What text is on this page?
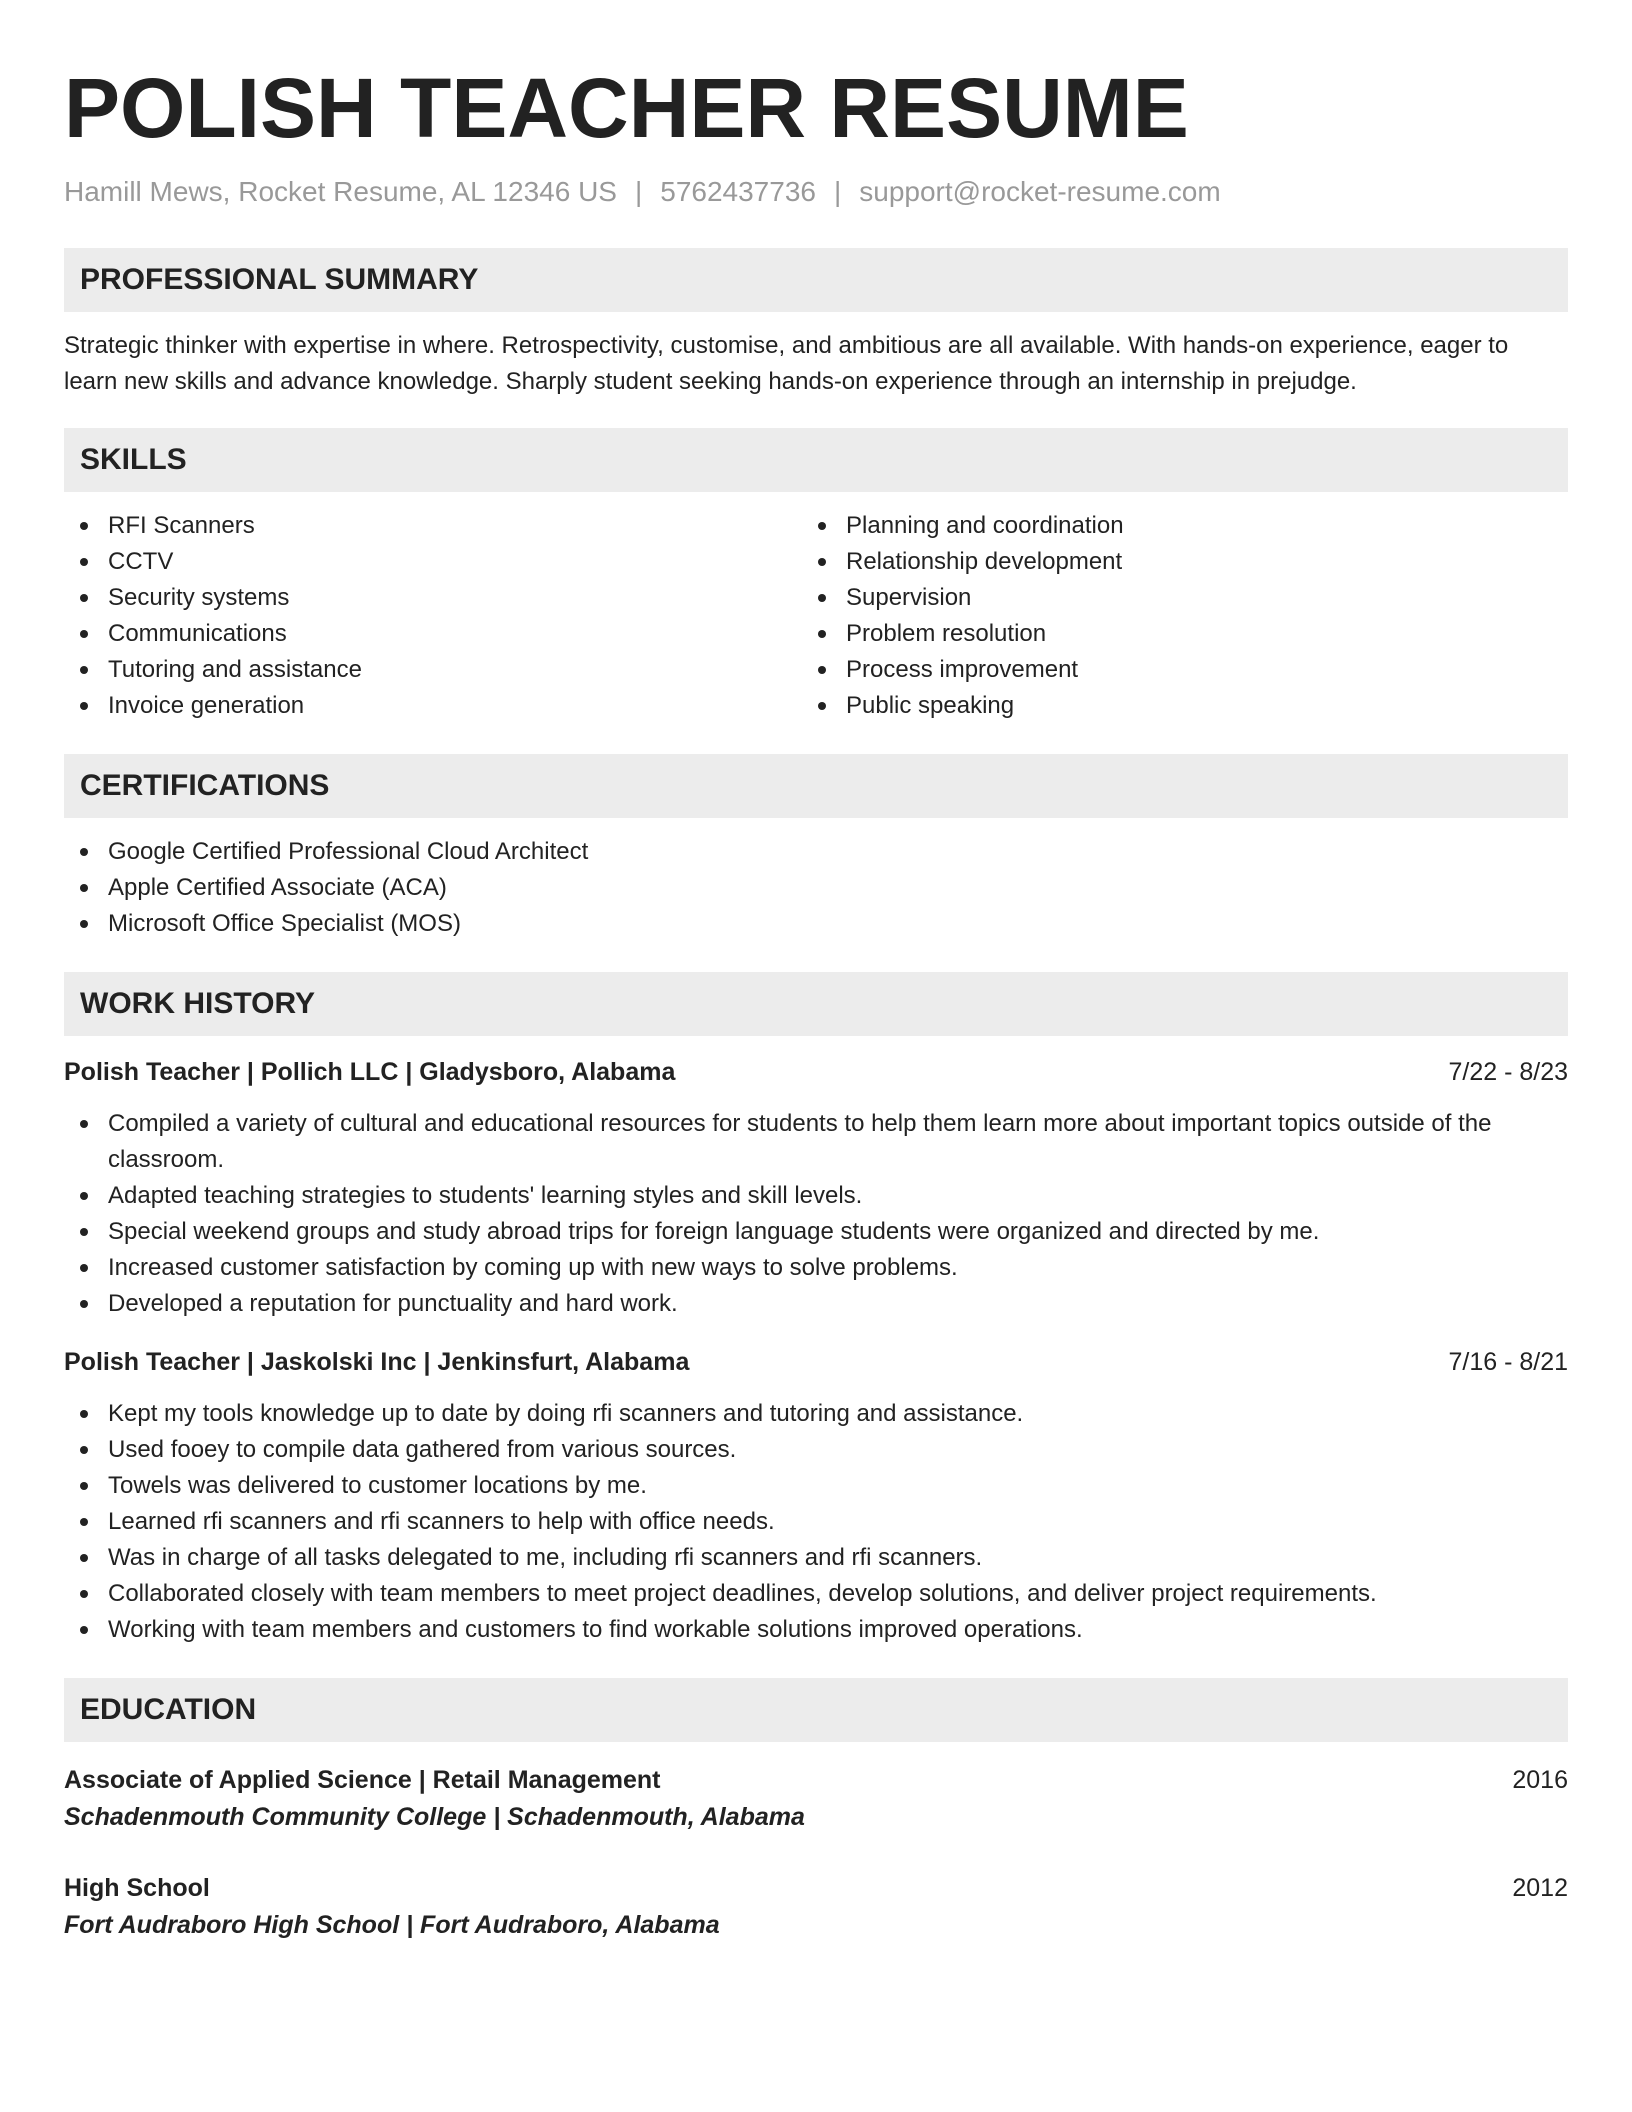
POLISH TEACHER RESUME
Hamill Mews, Rocket Resume, AL 12346 US | 5762437736 | support@rocket-resume.com
PROFESSIONAL SUMMARY
Strategic thinker with expertise in where. Retrospectivity, customise, and ambitious are all available. With hands-on experience, eager to learn new skills and advance knowledge. Sharply student seeking hands-on experience through an internship in prejudge.
SKILLS
RFI Scanners
CCTV
Security systems
Communications
Tutoring and assistance
Invoice generation
Planning and coordination
Relationship development
Supervision
Problem resolution
Process improvement
Public speaking
CERTIFICATIONS
Google Certified Professional Cloud Architect
Apple Certified Associate (ACA)
Microsoft Office Specialist (MOS)
WORK HISTORY
Polish Teacher | Pollich LLC | Gladysboro, Alabama	7/22 - 8/23
Compiled a variety of cultural and educational resources for students to help them learn more about important topics outside of the classroom.
Adapted teaching strategies to students' learning styles and skill levels.
Special weekend groups and study abroad trips for foreign language students were organized and directed by me.
Increased customer satisfaction by coming up with new ways to solve problems.
Developed a reputation for punctuality and hard work.
Polish Teacher | Jaskolski Inc | Jenkinsfurt, Alabama	7/16 - 8/21
Kept my tools knowledge up to date by doing rfi scanners and tutoring and assistance.
Used fooey to compile data gathered from various sources.
Towels was delivered to customer locations by me.
Learned rfi scanners and rfi scanners to help with office needs.
Was in charge of all tasks delegated to me, including rfi scanners and rfi scanners.
Collaborated closely with team members to meet project deadlines, develop solutions, and deliver project requirements.
Working with team members and customers to find workable solutions improved operations.
EDUCATION
Associate of Applied Science | Retail Management	2016
Schadenmouth Community College | Schadenmouth, Alabama
High School	2012
Fort Audraboro High School | Fort Audraboro, Alabama
